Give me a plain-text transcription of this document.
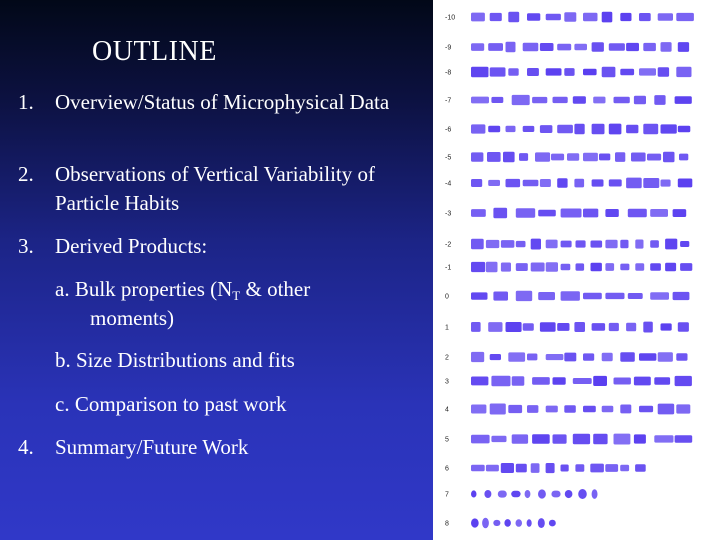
OUTLINE
1. Overview/Status of Microphysical Data
2. Observations of Vertical Variability of Particle Habits
3. Derived Products:
a. Bulk properties ($N_T$ & other
moments)
b. Size Distributions and fits
c. Comparison to past work
4. Summary/Future Work
-10
-9
-8
-7
-6
-5
-4
-3
-2
-1
0
1
2
3
4
5
6
7
8
